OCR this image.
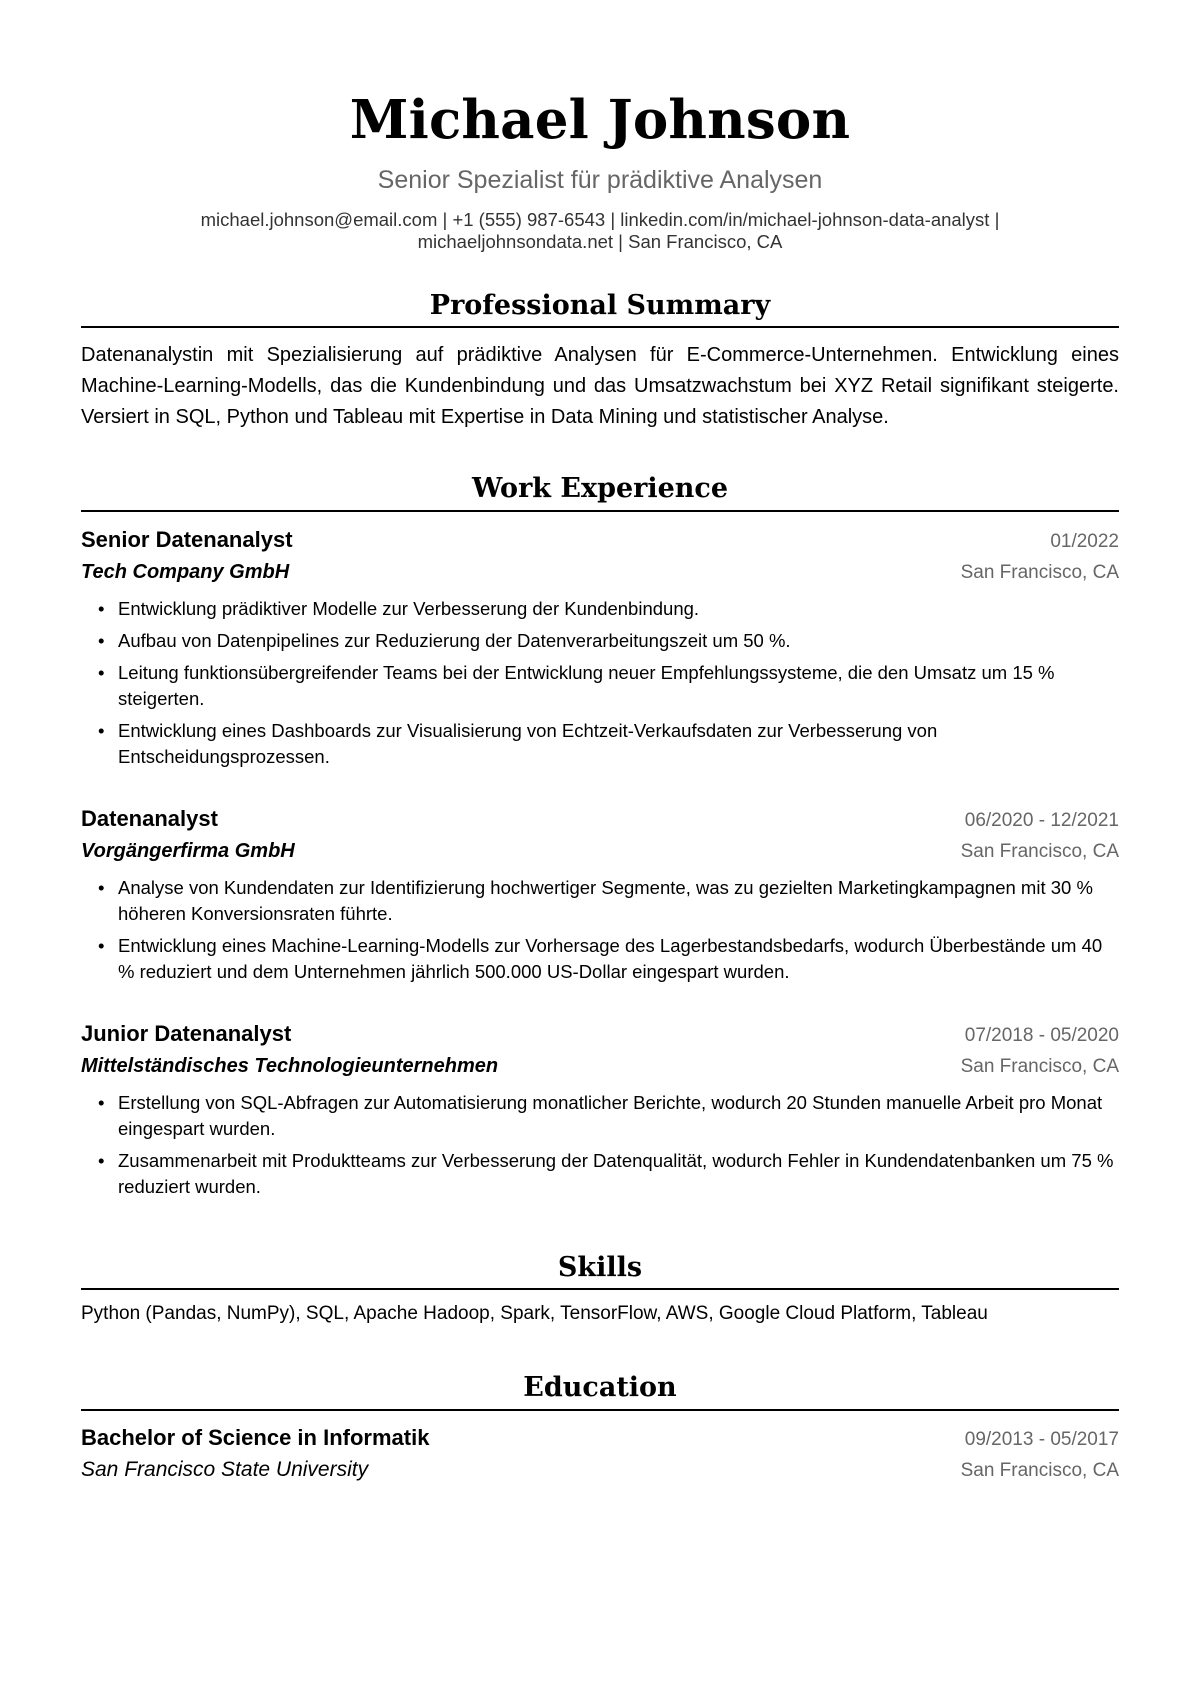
Michael Johnson
Senior Spezialist für prädiktive Analysen
michael.johnson@email.com | +1 (555) 987-6543 | linkedin.com/in/michael-johnson-data-analyst |
michaeljohnsondata.net | San Francisco, CA
Professional Summary
Datenanalystin mit Spezialisierung auf prädiktive Analysen für E-Commerce-Unternehmen. Entwicklung eines Machine-Learning-Modells, das die Kundenbindung und das Umsatzwachstum bei XYZ Retail signifikant steigerte. Versiert in SQL, Python und Tableau mit Expertise in Data Mining und statistischer Analyse.
Work Experience
Senior Datenanalyst	01/2022
Tech Company GmbH	San Francisco, CA
• Entwicklung prädiktiver Modelle zur Verbesserung der Kundenbindung.
• Aufbau von Datenpipelines zur Reduzierung der Datenverarbeitungszeit um 50 %.
• Leitung funktionsübergreifender Teams bei der Entwicklung neuer Empfehlungssysteme, die den Umsatz um 15 % steigerten.
• Entwicklung eines Dashboards zur Visualisierung von Echtzeit-Verkaufsdaten zur Verbesserung von Entscheidungsprozessen.
Datenanalyst	06/2020 - 12/2021
Vorgängerfirma GmbH	San Francisco, CA
• Analyse von Kundendaten zur Identifizierung hochwertiger Segmente, was zu gezielten Marketingkampagnen mit 30 % höheren Konversionsraten führte.
• Entwicklung eines Machine-Learning-Modells zur Vorhersage des Lagerbestandsbedarfs, wodurch Überbestände um 40 % reduziert und dem Unternehmen jährlich 500.000 US-Dollar eingespart wurden.
Junior Datenanalyst	07/2018 - 05/2020
Mittelständisches Technologieunternehmen	San Francisco, CA
• Erstellung von SQL-Abfragen zur Automatisierung monatlicher Berichte, wodurch 20 Stunden manuelle Arbeit pro Monat eingespart wurden.
• Zusammenarbeit mit Produktteams zur Verbesserung der Datenqualität, wodurch Fehler in Kundendatenbanken um 75 % reduziert wurden.
Skills
Python (Pandas, NumPy), SQL, Apache Hadoop, Spark, TensorFlow, AWS, Google Cloud Platform, Tableau
Education
Bachelor of Science in Informatik	09/2013 - 05/2017
San Francisco State University	San Francisco, CA
